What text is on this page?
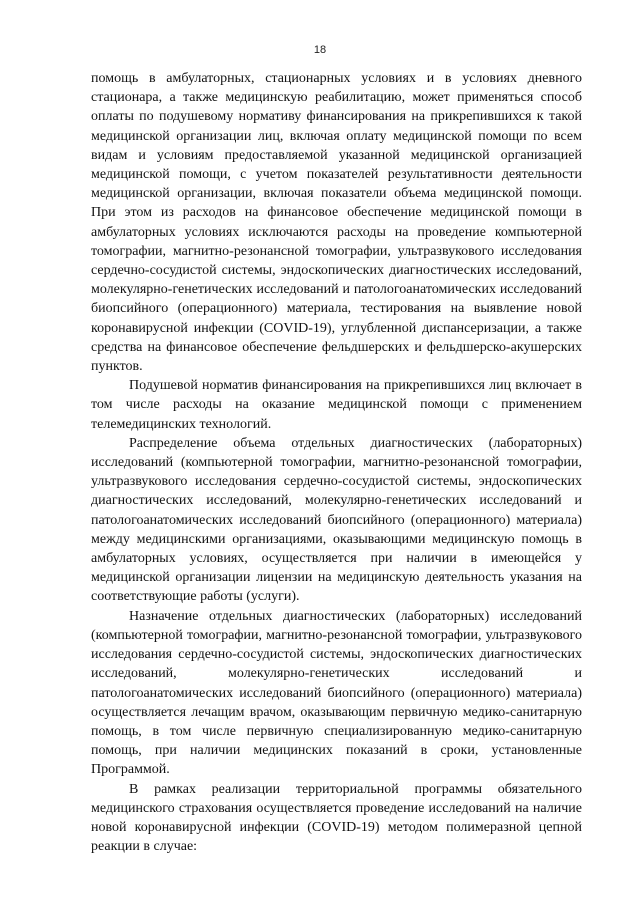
18

помощь в амбулаторных, стационарных условиях и в условиях дневного стационара, а также медицинскую реабилитацию, может применяться способ оплаты по подушевому нормативу финансирования на прикрепившихся к такой медицинской организации лиц, включая оплату медицинской помощи по всем видам и условиям предоставляемой указанной медицинской организацией медицинской помощи, с учетом показателей результативности деятельности медицинской организации, включая показатели объема медицинской помощи. При этом из расходов на финансовое обеспечение медицинской помощи в амбулаторных условиях исключаются расходы на проведение компьютерной томографии, магнитно-резонансной томографии, ультразвукового исследования сердечно-сосудистой системы, эндоскопических диагностических исследований, молекулярно-генетических исследований и патологоанатомических исследований биопсийного (операционного) материала, тестирования на выявление новой коронавирусной инфекции (COVID-19), углубленной диспансеризации, а также средства на финансовое обеспечение фельдшерских и фельдшерско-акушерских пунктов.

Подушевой норматив финансирования на прикрепившихся лиц включает в том числе расходы на оказание медицинской помощи с применением телемедицинских технологий.

Распределение объема отдельных диагностических (лабораторных) исследований (компьютерной томографии, магнитно-резонансной томографии, ультразвукового исследования сердечно-сосудистой системы, эндоскопических диагностических исследований, молекулярно-генетических исследований и патологоанатомических исследований биопсийного (операционного) материала) между медицинскими организациями, оказывающими медицинскую помощь в амбулаторных условиях, осуществляется при наличии в имеющейся у медицинской организации лицензии на медицинскую деятельность указания на соответствующие работы (услуги).

Назначение отдельных диагностических (лабораторных) исследований (компьютерной томографии, магнитно-резонансной томографии, ультразвукового исследования сердечно-сосудистой системы, эндоскопических диагностических исследований, молекулярно-генетических исследований и патологоанатомических исследований биопсийного (операционного) материала) осуществляется лечащим врачом, оказывающим первичную медико-санитарную помощь, в том числе первичную специализированную медико-санитарную помощь, при наличии медицинских показаний в сроки, установленные Программой.

В рамках реализации территориальной программы обязательного медицинского страхования осуществляется проведение исследований на наличие новой коронавирусной инфекции (COVID-19) методом полимеразной цепной реакции в случае:
